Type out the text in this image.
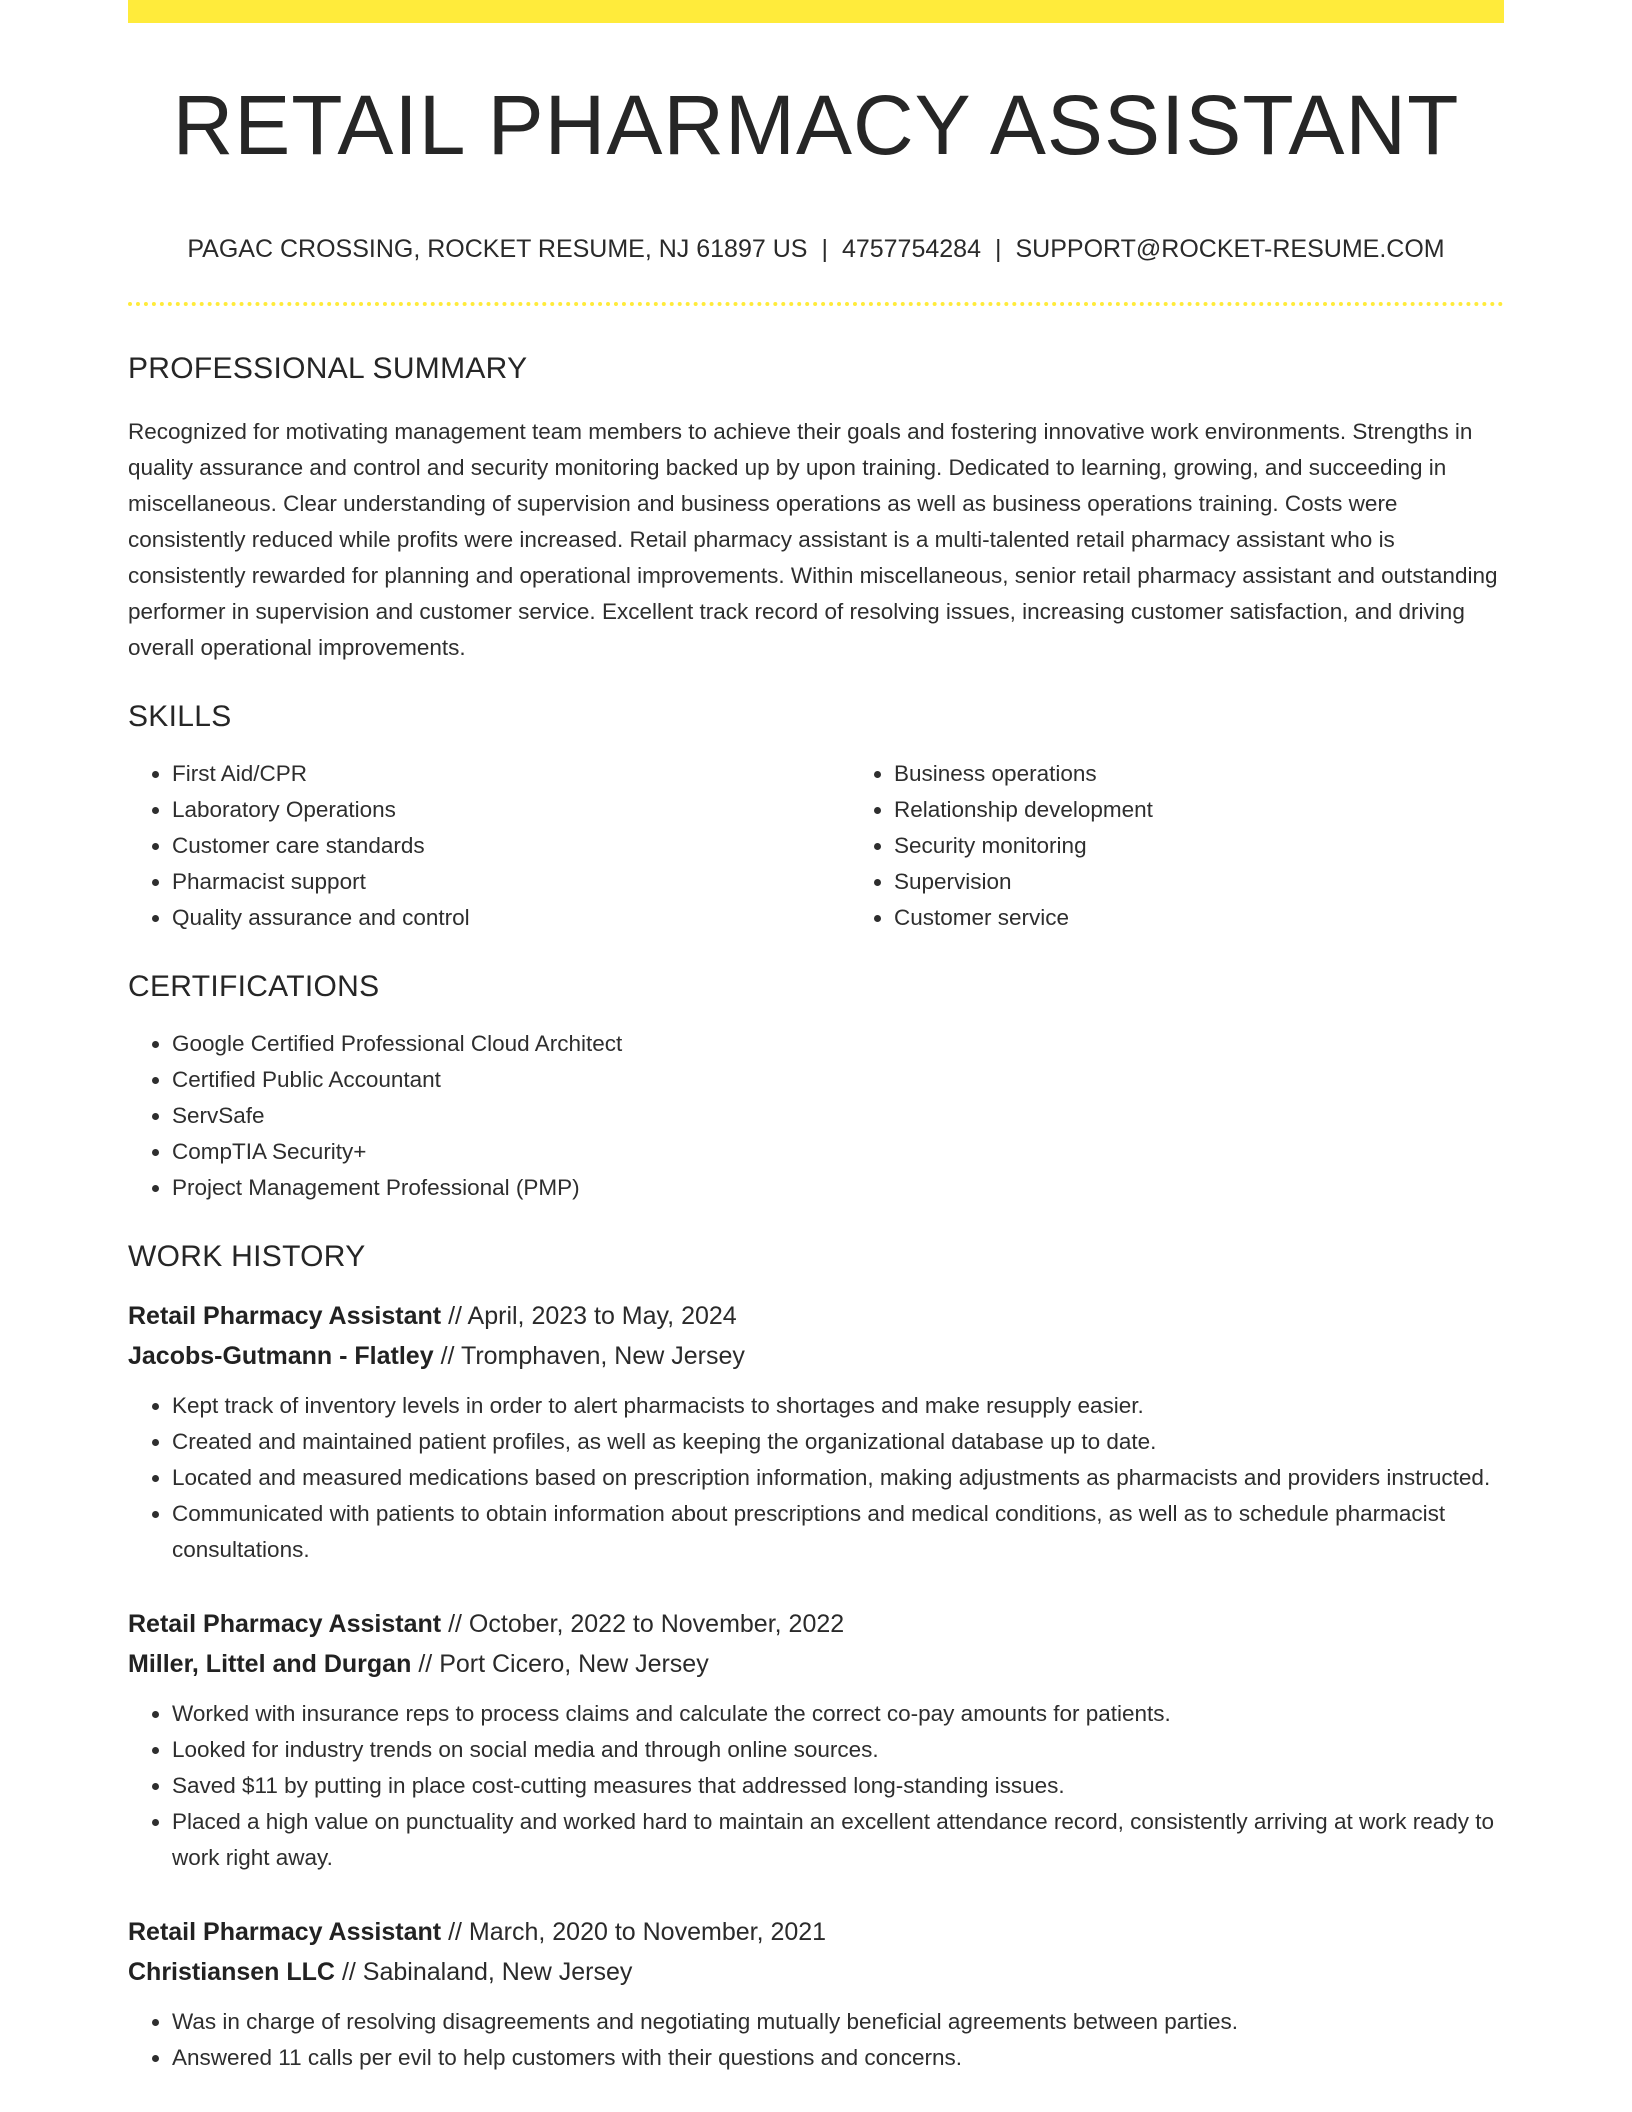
RETAIL PHARMACY ASSISTANT
PAGAC CROSSING, ROCKET RESUME, NJ 61897 US | 4757754284 | SUPPORT@ROCKET-RESUME.COM
PROFESSIONAL SUMMARY
Recognized for motivating management team members to achieve their goals and fostering innovative work environments. Strengths in quality assurance and control and security monitoring backed up by upon training. Dedicated to learning, growing, and succeeding in miscellaneous. Clear understanding of supervision and business operations as well as business operations training. Costs were consistently reduced while profits were increased. Retail pharmacy assistant is a multi-talented retail pharmacy assistant who is consistently rewarded for planning and operational improvements. Within miscellaneous, senior retail pharmacy assistant and outstanding performer in supervision and customer service. Excellent track record of resolving issues, increasing customer satisfaction, and driving overall operational improvements.
SKILLS
• First Aid/CPR
• Laboratory Operations
• Customer care standards
• Pharmacist support
• Quality assurance and control
• Business operations
• Relationship development
• Security monitoring
• Supervision
• Customer service
CERTIFICATIONS
• Google Certified Professional Cloud Architect
• Certified Public Accountant
• ServSafe
• CompTIA Security+
• Project Management Professional (PMP)
WORK HISTORY
Retail Pharmacy Assistant // April, 2023 to May, 2024
Jacobs-Gutmann - Flatley // Tromphaven, New Jersey
• Kept track of inventory levels in order to alert pharmacists to shortages and make resupply easier.
• Created and maintained patient profiles, as well as keeping the organizational database up to date.
• Located and measured medications based on prescription information, making adjustments as pharmacists and providers instructed.
• Communicated with patients to obtain information about prescriptions and medical conditions, as well as to schedule pharmacist consultations.
Retail Pharmacy Assistant // October, 2022 to November, 2022
Miller, Littel and Durgan // Port Cicero, New Jersey
• Worked with insurance reps to process claims and calculate the correct co-pay amounts for patients.
• Looked for industry trends on social media and through online sources.
• Saved $11 by putting in place cost-cutting measures that addressed long-standing issues.
• Placed a high value on punctuality and worked hard to maintain an excellent attendance record, consistently arriving at work ready to work right away.
Retail Pharmacy Assistant // March, 2020 to November, 2021
Christiansen LLC // Sabinaland, New Jersey
• Was in charge of resolving disagreements and negotiating mutually beneficial agreements between parties.
• Answered 11 calls per evil to help customers with their questions and concerns.
